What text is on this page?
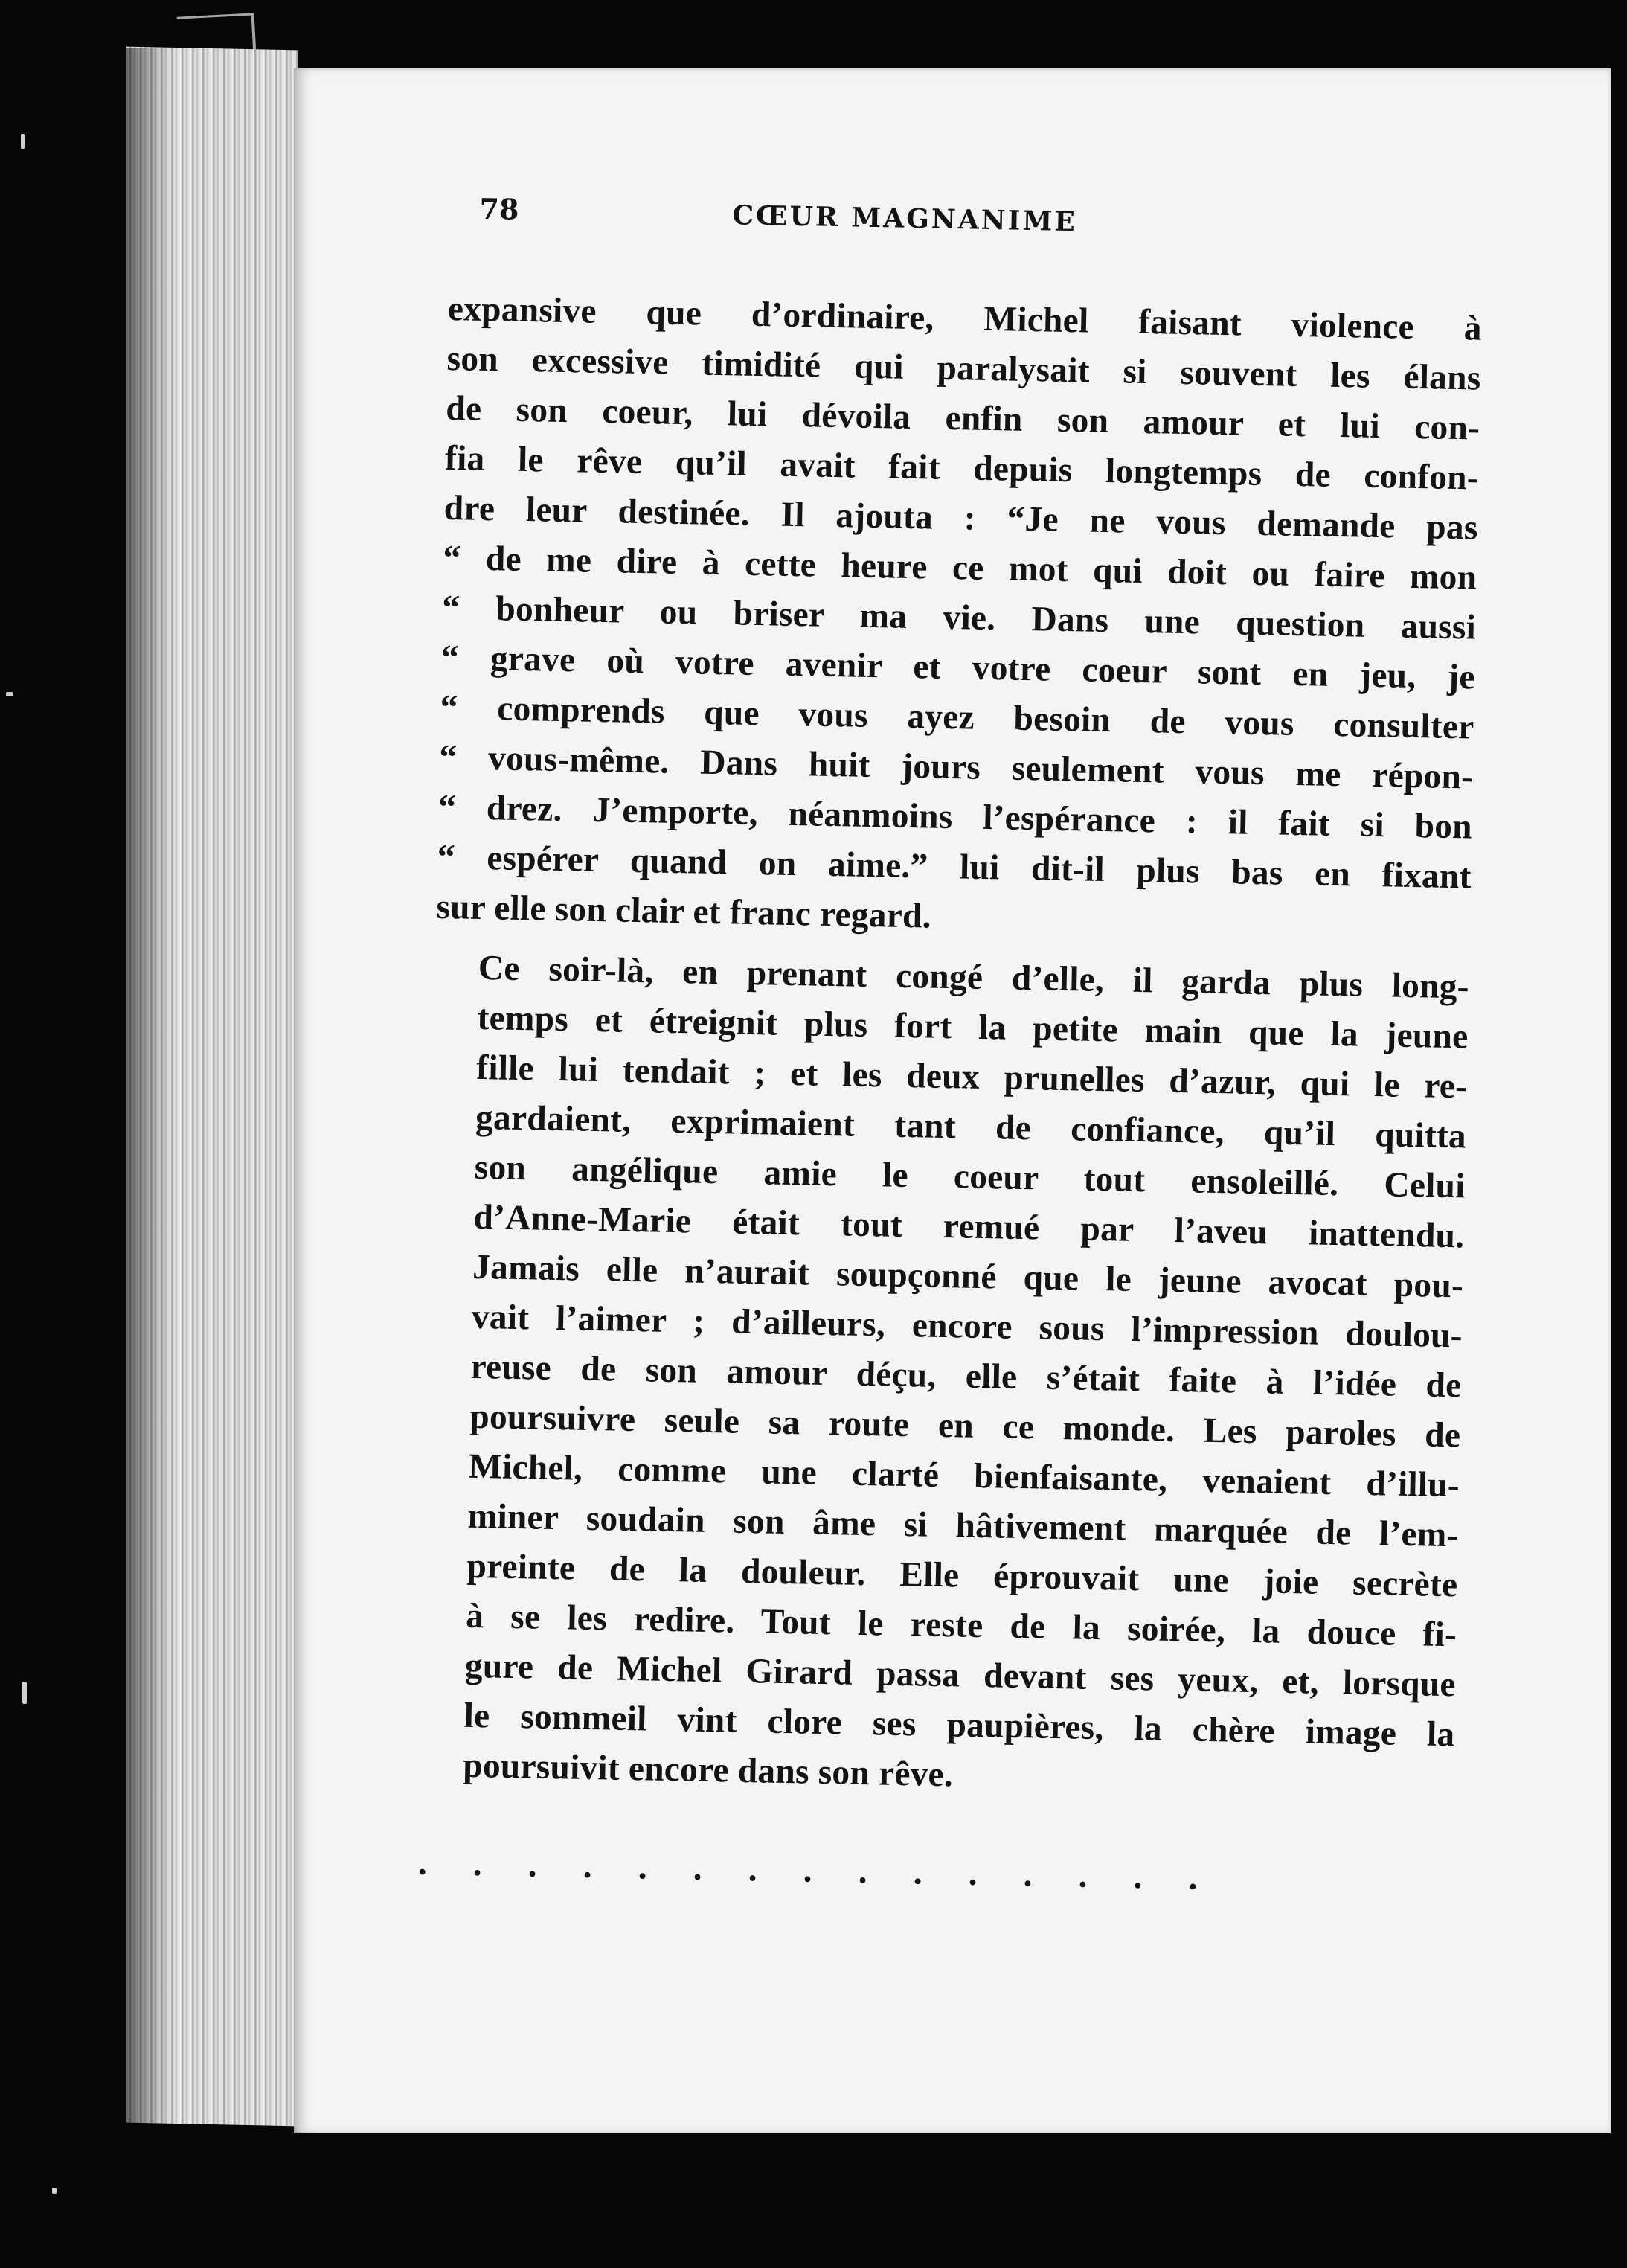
78	CŒUR MAGNANIME
expansive que d’ordinaire, Michel faisant violence à
son excessive timidité qui paralysait si souvent les élans
de son coeur, lui dévoila enfin son amour et lui con-
fia le rêve qu’il avait fait depuis longtemps de confon-
dre leur destinée. Il ajouta : “Je ne vous demande pas
“ de me dire à cette heure ce mot qui doit ou faire mon
“ bonheur ou briser ma vie. Dans une question aussi
“ grave où votre avenir et votre coeur sont en jeu, je
“ comprends que vous ayez besoin de vous consulter
“ vous-même. Dans huit jours seulement vous me répon-
“ drez. J’emporte, néanmoins l’espérance : il fait si bon
“ espérer quand on aime.” lui dit-il plus bas en fixant
sur elle son clair et franc regard.
Ce soir-là, en prenant congé d’elle, il garda plus long-
temps et étreignit plus fort la petite main que la jeune
fille lui tendait ; et les deux prunelles d’azur, qui le re-
gardaient, exprimaient tant de confiance, qu’il quitta
son angélique amie le coeur tout ensoleillé. Celui
d’Anne-Marie était tout remué par l’aveu inattendu.
Jamais elle n’aurait soupçonné que le jeune avocat pou-
vait l’aimer ; d’ailleurs, encore sous l’impression doulou-
reuse de son amour déçu, elle s’était faite à l’idée de
poursuivre seule sa route en ce monde. Les paroles de
Michel, comme une clarté bienfaisante, venaient d’illu-
miner soudain son âme si hâtivement marquée de l’em-
preinte de la douleur. Elle éprouvait une joie secrète
à se les redire. Tout le reste de la soirée, la douce fi-
gure de Michel Girard passa devant ses yeux, et, lorsque
le sommeil vint clore ses paupières, la chère image la
poursuivit encore dans son rêve.
...............
